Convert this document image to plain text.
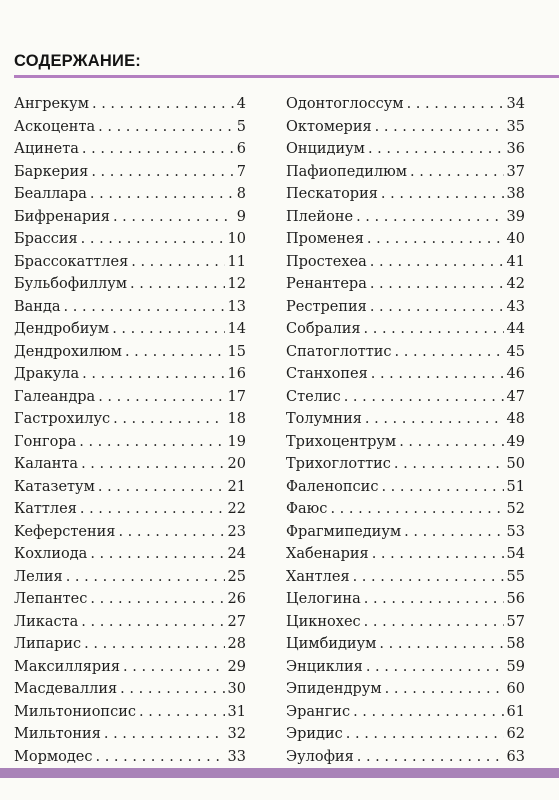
СОДЕРЖАНИЕ:
Ангрекум . . .	4
Аскоцента . . .	5
Ацинета . . .	6
Баркерия . . .	7
Беаллара . . .	8
Бифренария . . .	9
Брассия . . .	10
Брассокаттлея . . .	11
Бульбофиллум . . .	12
Ванда . . .	13
Дендробиум . . .	14
Дендрохилюм . . .	15
Дракула . . .	16
Галеандра . . .	17
Гастрохилус . . .	18
Гонгора . . .	19
Каланта . . .	20
Катазетум . . .	21
Каттлея . . .	22
Keферстения . . .	23
Кохлиода . . .	24
Лелия . . .	25
Лепантес . . .	26
Ликаста . . .	27
Липарис . . .	28
Максиллярия . . .	29
Масдеваллия . . .	30
Мильтониопсис . . .	31
Мильтония . . .	32
Мормодес . . .	33
Одонтоглоссум . . .	34
Октомерия . . .	35
Онцидиум . . .	36
Пафиопедилюм . . .	37
Пескатория . . .	38
Плейоне . . .	39
Променея . . .	40
Простехеа . . .	41
Ренантера . . .	42
Рестрепия . . .	43
Собралия . . .	44
Спатоглоттис . . .	45
Станхопея . . .	46
Стелис . . .	47
Толумния . . .	48
Трихоцентрум . . .	49
Трихоглоттис . . .	50
Фаленопсис . . .	51
Фаюс . . .	52
Фрагмипедиум . . .	53
Хабенария . . .	54
Хантлея . . .	55
Целогина . . .	56
Цикнохес . . .	57
Цимбидиум . . .	58
Энциклия . . .	59
Эпидендрум . . .	60
Эрангис . . .	61
Эридис . . .	62
Эулофия . . .	63
